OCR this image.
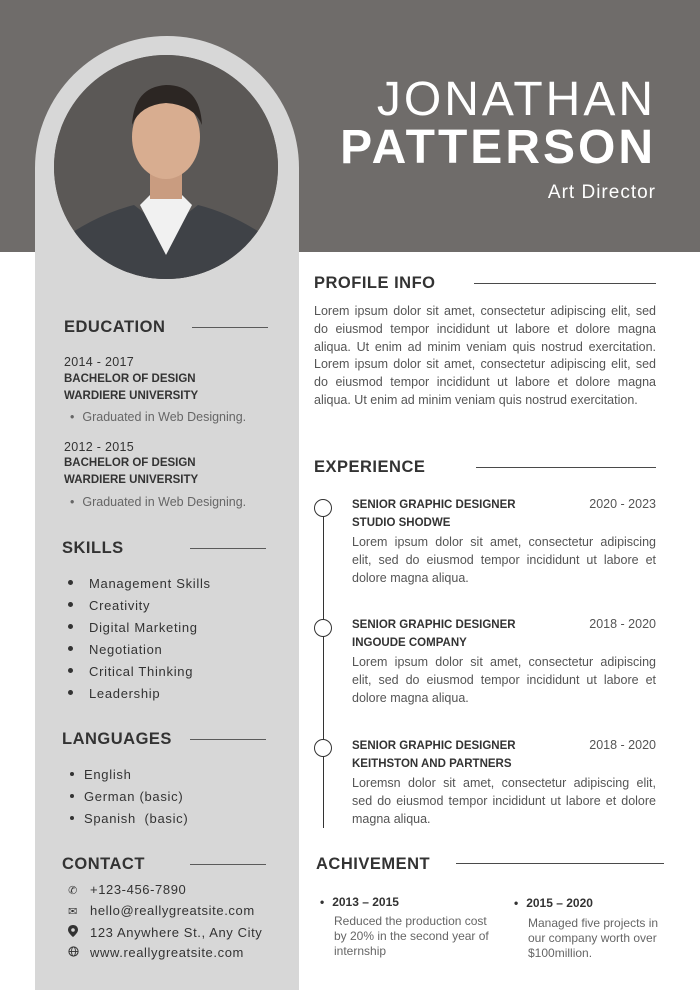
JONATHAN
PATTERSON
Art Director
EDUCATION
2014 - 2017
BACHELOR OF DESIGN
WARDIERE UNIVERSITY
• Graduated in Web Designing.
2012 - 2015
BACHELOR OF DESIGN
WARDIERE UNIVERSITY
• Graduated in Web Designing.
SKILLS
Management Skills
Creativity
Digital Marketing
Negotiation
Critical Thinking
Leadership
LANGUAGES
English
German (basic)
Spanish  (basic)
CONTACT
✆ +123-456-7890
✉ hello@reallygreatsite.com
123 Anywhere St., Any City
www.reallygreatsite.com
PROFILE INFO
Lorem ipsum dolor sit amet, consectetur adipiscing elit, sed do eiusmod tempor incididunt ut labore et dolore magna aliqua. Ut enim ad minim veniam quis nostrud exercitation. Lorem ipsum dolor sit amet, consectetur adipiscing elit, sed do eiusmod tempor incididunt ut labore et dolore magna aliqua. Ut enim ad minim veniam quis nostrud exercitation.
EXPERIENCE
SENIOR GRAPHIC DESIGNER
STUDIO SHODWE
2020 - 2023
Lorem ipsum dolor sit amet, consectetur adipiscing elit, sed do eiusmod tempor incididunt ut labore et dolore magna aliqua.
SENIOR GRAPHIC DESIGNER
INGOUDE COMPANY
2018 - 2020
Lorem ipsum dolor sit amet, consectetur adipiscing elit, sed do eiusmod tempor incididunt ut labore et dolore magna aliqua.
SENIOR GRAPHIC DESIGNER
KEITHSTON AND PARTNERS
2018 - 2020
Loremsn dolor sit amet, consectetur adipiscing elit, sed do eiusmod tempor incididunt ut labore et dolore magna aliqua.
ACHIVEMENT
• 2013 – 2015
Reduced the production cost by 20% in the second year of internship
• 2015 – 2020
Managed five projects in our company worth over $100million.
